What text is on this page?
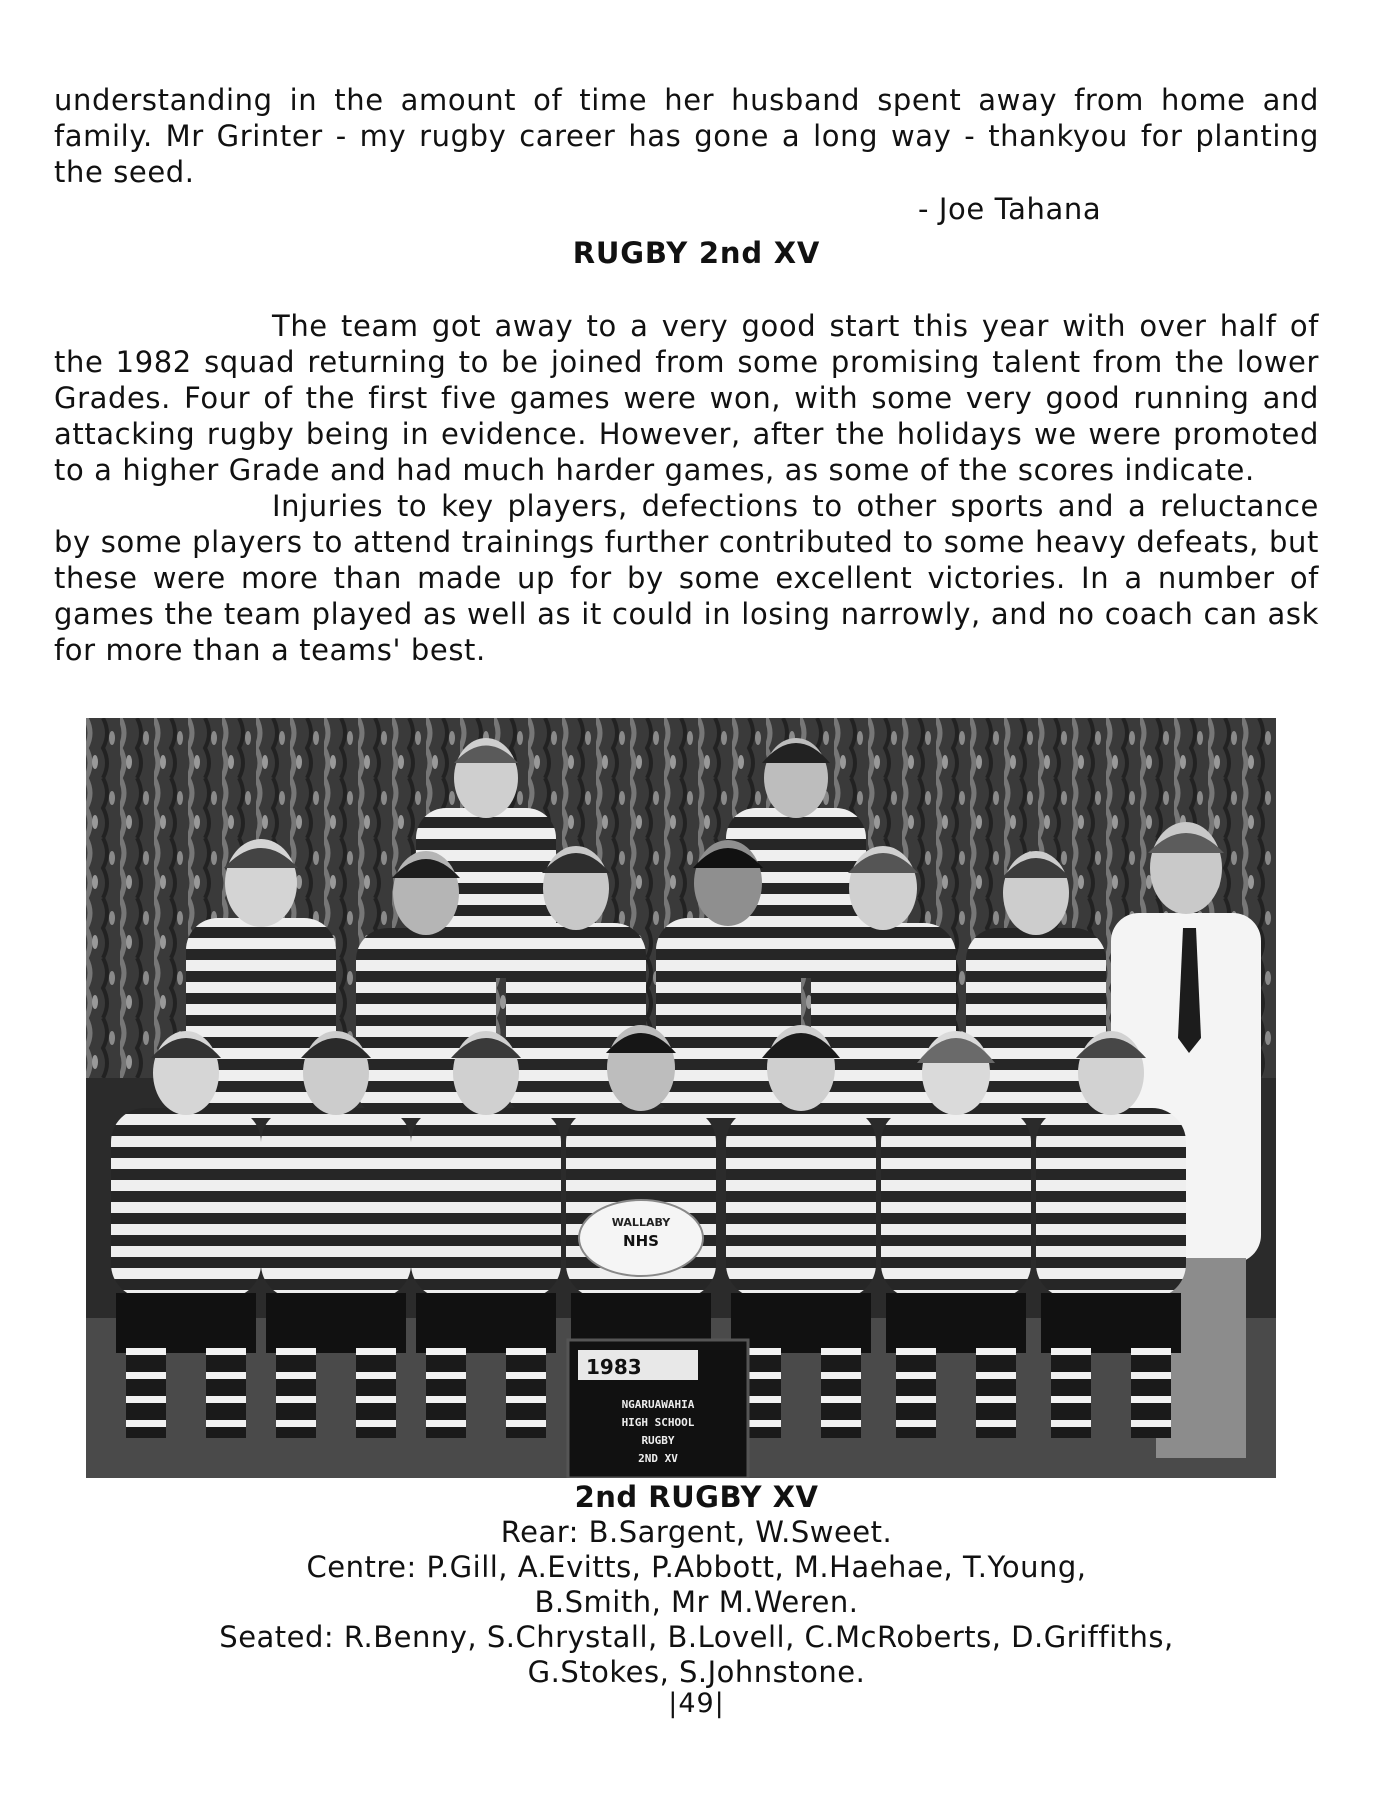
understanding in the amount of time her husband spent away from home and family. Mr Grinter - my rugby career has gone a long way - thankyou for planting the seed.

- Joe Tahana
RUGBY 2nd XV

The team got away to a very good start this year with over half of the 1982 squad returning to be joined from some promising talent from the lower Grades. Four of the first five games were won, with some very good running and attacking rugby being in evidence. However, after the holidays we were promoted to a higher Grade and had much harder games, as some of the scores indicate.

Injuries to key players, defections to other sports and a reluctance by some players to attend trainings further contributed to some heavy defeats, but these were more than made up for by some excellent victories. In a number of games the team played as well as it could in losing narrowly, and no coach can ask for more than a teams' best.

WALLABY
NHS
1983
NGARUAWAHIA
HIGH SCHOOL
RUGBY
2ND XV
2nd RUGBY XV
Rear: B.Sargent, W.Sweet.
Centre: P.Gill, A.Evitts, P.Abbott, M.Haehae, T.Young,
B.Smith, Mr M.Weren.
Seated: R.Benny, S.Chrystall, B.Lovell, C.McRoberts, D.Griffiths,
G.Stokes, S.Johnstone.
|49|
